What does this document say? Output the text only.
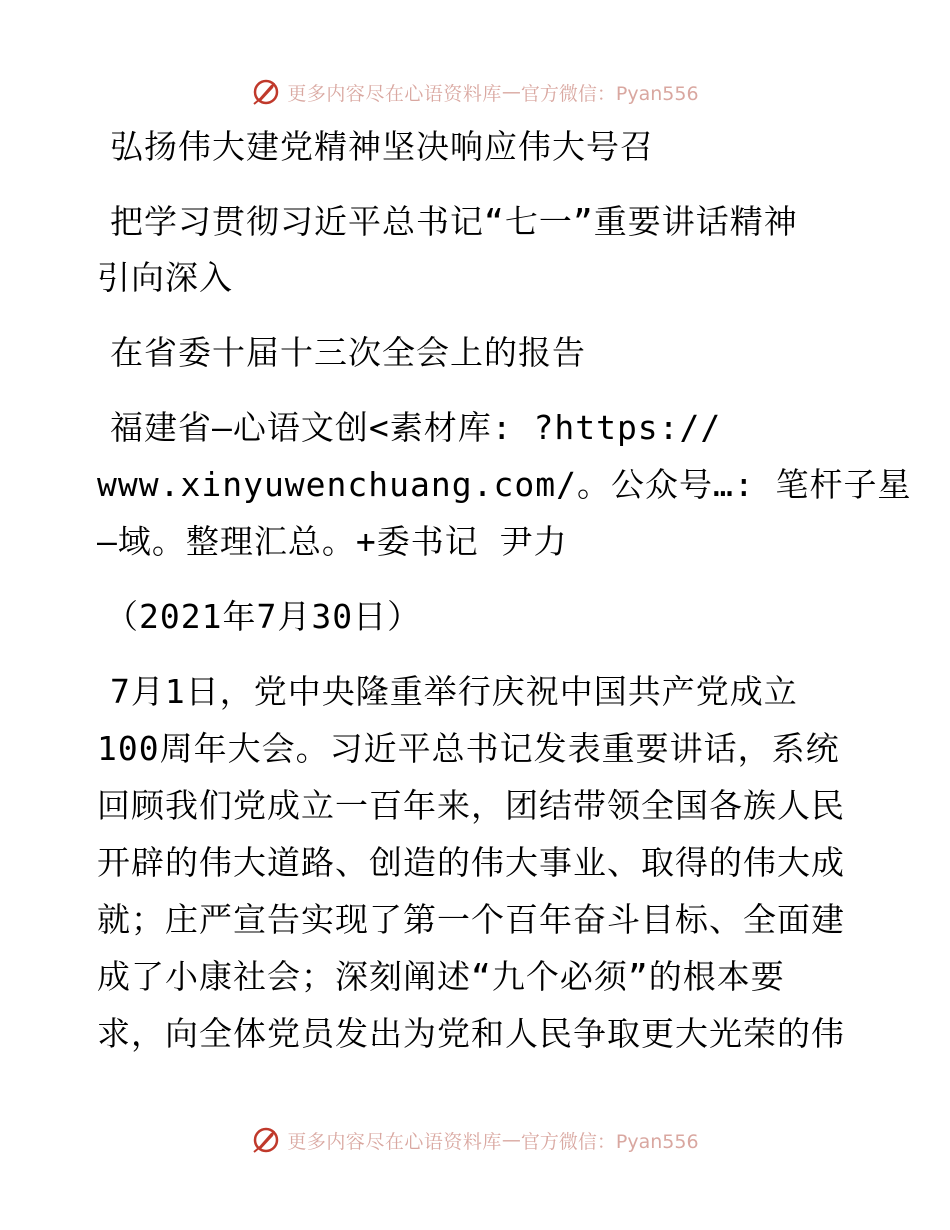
更多内容尽在心语资料库 — 官方微信：Pyan556
弘扬伟大建党精神坚决响应伟大号召
把学习贯彻习近平总书记“七一”重要讲话精神
引向深入
在省委十届十三次全会上的报告
福建省—心语文创<素材库: ?https://
www.xinyuwenchuang.com/。公众号…: 笔杆子星
—域。整理汇总。+委书记 尹力
（2021年7月30日）
7月1日，党中央隆重举行庆祝中国共产党成立
100周年大会。习近平总书记发表重要讲话，系统
回顾我们党成立一百年来，团结带领全国各族人民
开辟的伟大道路、创造的伟大事业、取得的伟大成
就；庄严宣告实现了第一个百年奋斗目标、全面建
成了小康社会；深刻阐述“九个必须”的根本要
求，向全体党员发出为党和人民争取更大光荣的伟
更多内容尽在心语资料库 — 官方微信：Pyan556
